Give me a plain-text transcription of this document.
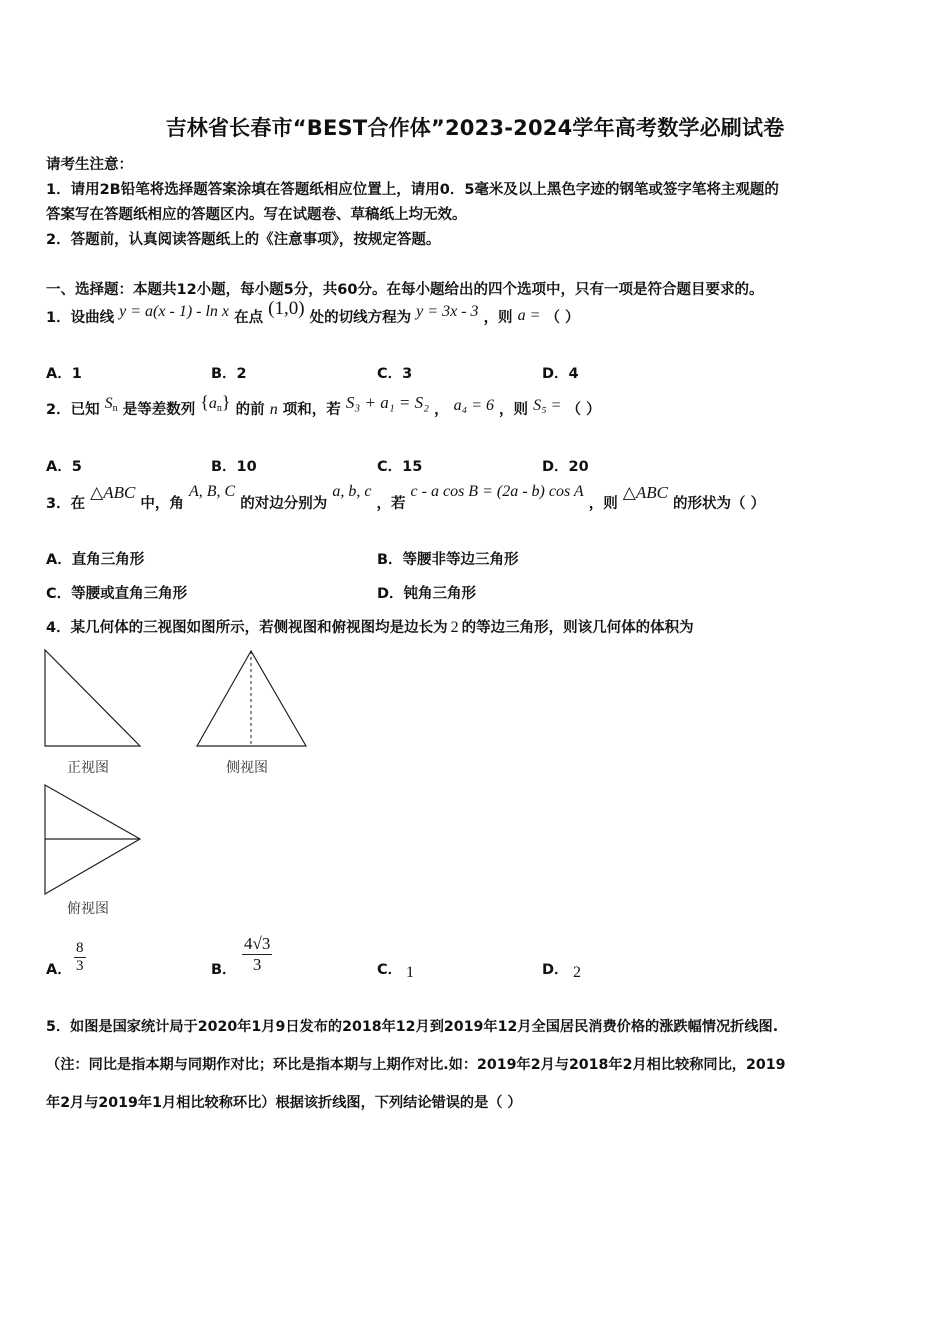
吉林省长春市“BEST合作体”2023-2024学年高考数学必刷试卷
请考生注意：
1．请用2B铅笔将选择题答案涂填在答题纸相应位置上，请用0．5毫米及以上黑色字迹的钢笔或签字笔将主观题的
答案写在答题纸相应的答题区内。写在试题卷、草稿纸上均无效。
2．答题前，认真阅读答题纸上的《注意事项》，按规定答题。
一、选择题：本题共12小题，每小题5分，共60分。在每小题给出的四个选项中，只有一项是符合题目要求的。
1．设曲线 y = a(x - 1) - ln x 在点 (1,0) 处的切线方程为 y = 3x - 3 ，则 a = （ ）
A．1	B．2	C．3	D．4
2．已知 $S_n$ 是等差数列 $\{a_n\}$ 的前 n 项和，若 S₃ + a₁ = S₂ ， a₄ = 6 ，则 S₅ = （ ）
A．5	B．10	C．15	D．20
3．在 △ABC 中，角 A, B, C 的对边分别为 a, b, c ，若 c - a cos B = (2a - b) cos A ，则 △ABC 的形状为（ ）
A．直角三角形	B．等腰非等边三角形
C．等腰或直角三角形	D．钝角三角形
4．某几何体的三视图如图所示，若侧视图和俯视图均是边长为 2 的等边三角形，则该几何体的体积为
正视图	侧视图
俯视图
A． $\frac{8}{3}$	B． $\frac{4√3}{3}$	C． 1	D． 2
5．如图是国家统计局于2020年1月9日发布的2018年12月到2019年12月全国居民消费价格的涨跌幅情况折线图.
（注：同比是指本期与同期作对比；环比是指本期与上期作对比.如：2019年2月与2018年2月相比较称同比，2019
年2月与2019年1月相比较称环比）根据该折线图，下列结论错误的是（ ）
